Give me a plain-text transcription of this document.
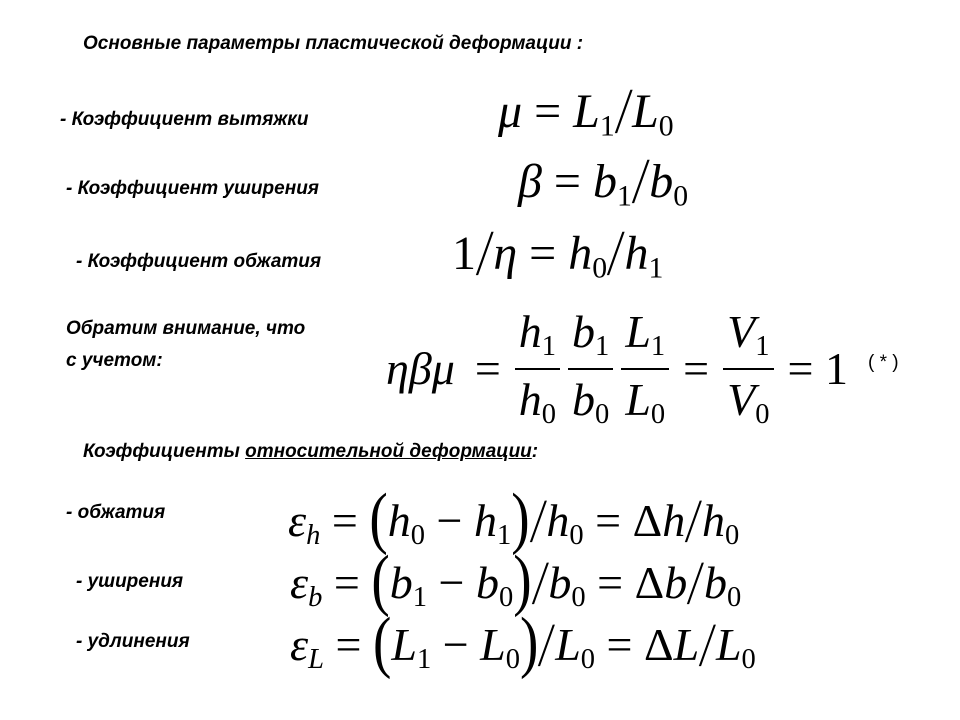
Основные параметры пластической деформации :
- Коэффициент вытяжки	$\mu = L_1/L_0$
- Коэффициент уширения	$\beta = b_1/b_0$
- Коэффициент обжатия	$1/\eta = h_0/h_1$
Обратим внимание, что
с учетом:	$\eta\beta\mu = \frac{h_1}{h_0} \frac{b_1}{b_0} \frac{L_1}{L_0} = \frac{V_1}{V_0} = 1$	( * )
Коэффициенты относительной деформации:
- обжатия	$\varepsilon_h = (h_0 - h_1)/h_0 = \Delta h/h_0$
- уширения $\varepsilon_b = (b_1 - b_0)/b_0 = \Delta b/b_0$
- удлинения $\varepsilon_L = (L_1 - L_0)/L_0 = \Delta L/L_0$
